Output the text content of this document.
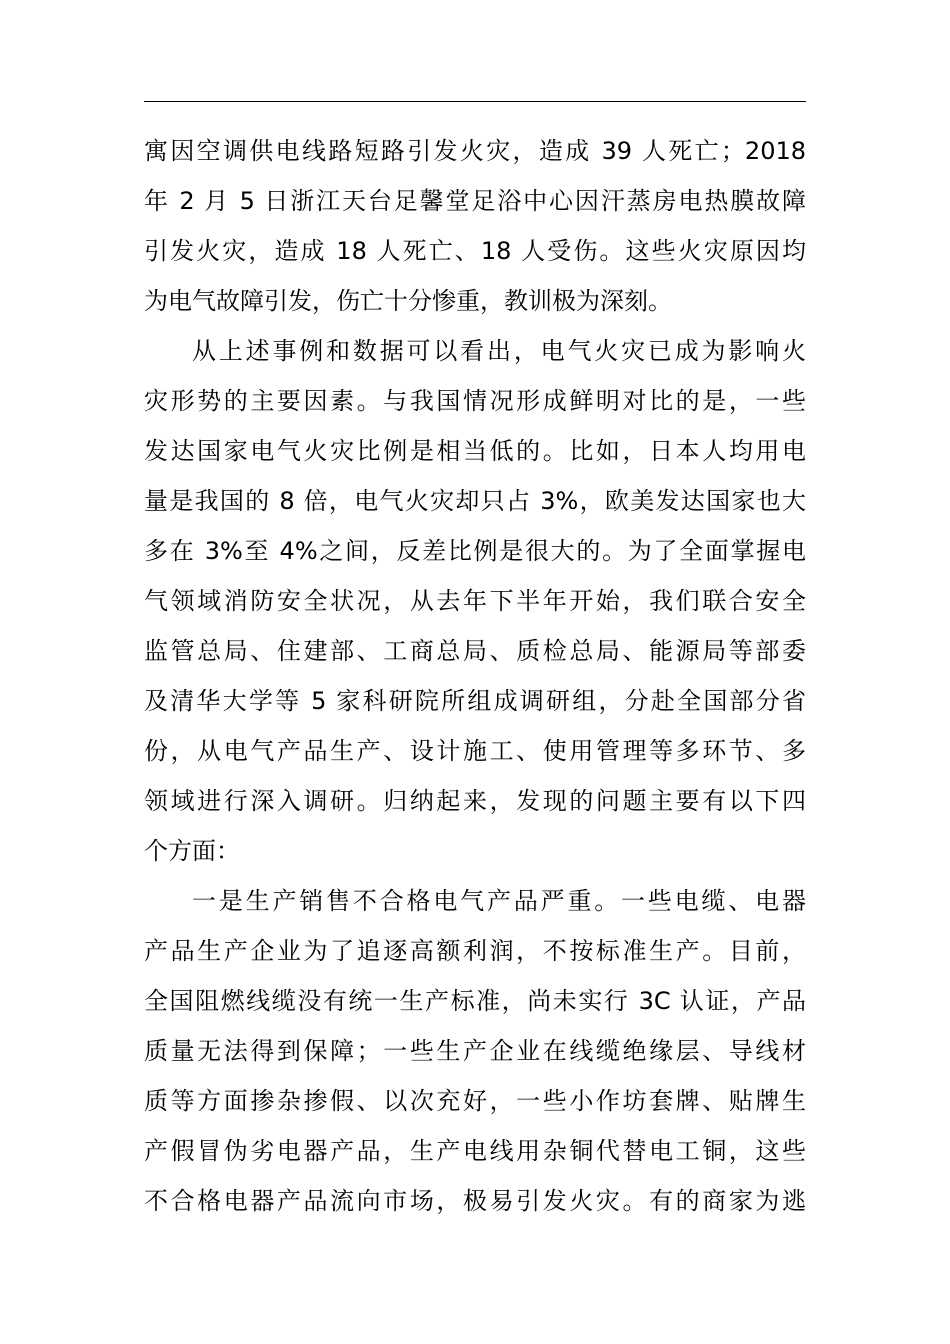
寓因空调供电线路短路引发火灾，造成 39 人死亡；2018
年 2 月 5 日浙江天台足馨堂足浴中心因汗蒸房电热膜故障
引发火灾，造成 18 人死亡、18 人受伤。这些火灾原因均
为电气故障引发，伤亡十分惨重，教训极为深刻。
从上述事例和数据可以看出，电气火灾已成为影响火
灾形势的主要因素。与我国情况形成鲜明对比的是，一些
发达国家电气火灾比例是相当低的。比如，日本人均用电
量是我国的 8 倍，电气火灾却只占 3%，欧美发达国家也大
多在 3%至 4%之间，反差比例是很大的。为了全面掌握电
气领域消防安全状况，从去年下半年开始，我们联合安全
监管总局、住建部、工商总局、质检总局、能源局等部委
及清华大学等 5 家科研院所组成调研组，分赴全国部分省
份，从电气产品生产、设计施工、使用管理等多环节、多
领域进行深入调研。归纳起来，发现的问题主要有以下四
个方面：
一是生产销售不合格电气产品严重。一些电缆、电器
产品生产企业为了追逐高额利润，不按标准生产。目前，
全国阻燃线缆没有统一生产标准，尚未实行 3C 认证，产品
质量无法得到保障；一些生产企业在线缆绝缘层、导线材
质等方面掺杂掺假、以次充好，一些小作坊套牌、贴牌生
产假冒伪劣电器产品，生产电线用杂铜代替电工铜，这些
不合格电器产品流向市场，极易引发火灾。有的商家为逃
